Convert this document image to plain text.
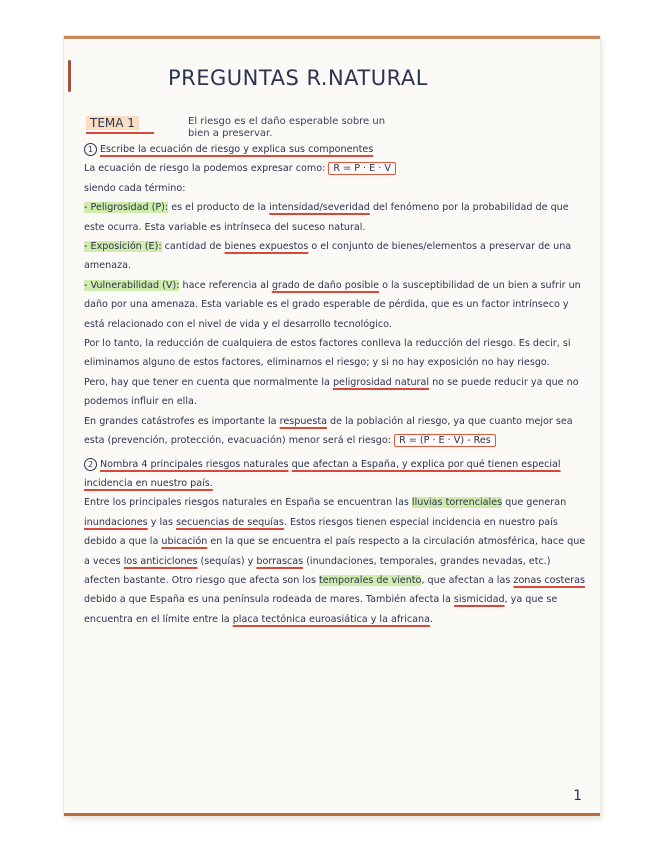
PREGUNTAS R.NATURAL
TEMA 1	El riesgo es el daño esperable sobre un bien a preservar.

1 Escribe la ecuación de riesgo y explica sus componentes

La ecuación de riesgo la podemos expresar como: R = P · E · V

siendo cada término:

- Peligrosidad (P): es el producto de la intensidad/severidad del fenómeno por la probabilidad de que este ocurra. Esta variable es intrínseca del suceso natural.

- Exposición (E): cantidad de bienes expuestos o el conjunto de bienes/elementos a preservar de una amenaza.

- Vulnerabilidad (V): hace referencia al grado de daño posible o la susceptibilidad de un bien a sufrir un daño por una amenaza. Esta variable es el grado esperable de pérdida, que es un factor intrínseco y está relacionado con el nivel de vida y el desarrollo tecnológico.

Por lo tanto, la reducción de cualquiera de estos factores conlleva la reducción del riesgo. Es decir, si eliminamos alguno de estos factores, eliminamos el riesgo; y si no hay exposición no hay riesgo.

Pero, hay que tener en cuenta que normalmente la peligrosidad natural no se puede reducir ya que no podemos influir en ella.

En grandes catástrofes es importante la respuesta de la población al riesgo, ya que cuanto mejor sea esta (prevención, protección, evacuación) menor será el riesgo: R = (P · E · V) - Res

2 Nombra 4 principales riesgos naturales que afectan a España, y explica por qué tienen especial incidencia en nuestro país.

Entre los principales riesgos naturales en España se encuentran las lluvias torrenciales que generan inundaciones y las secuencias de sequías. Estos riesgos tienen especial incidencia en nuestro país debido a que la ubicación en la que se encuentra el país respecto a la circulación atmosférica, hace que a veces los anticiclones (sequías) y borrascas (inundaciones, temporales, grandes nevadas, etc.) afecten bastante. Otro riesgo que afecta son los temporales de viento, que afectan a las zonas costeras debido a que España es una península rodeada de mares. También afecta la sismicidad, ya que se encuentra en el límite entre la placa tectónica euroasiática y la africana.

1
